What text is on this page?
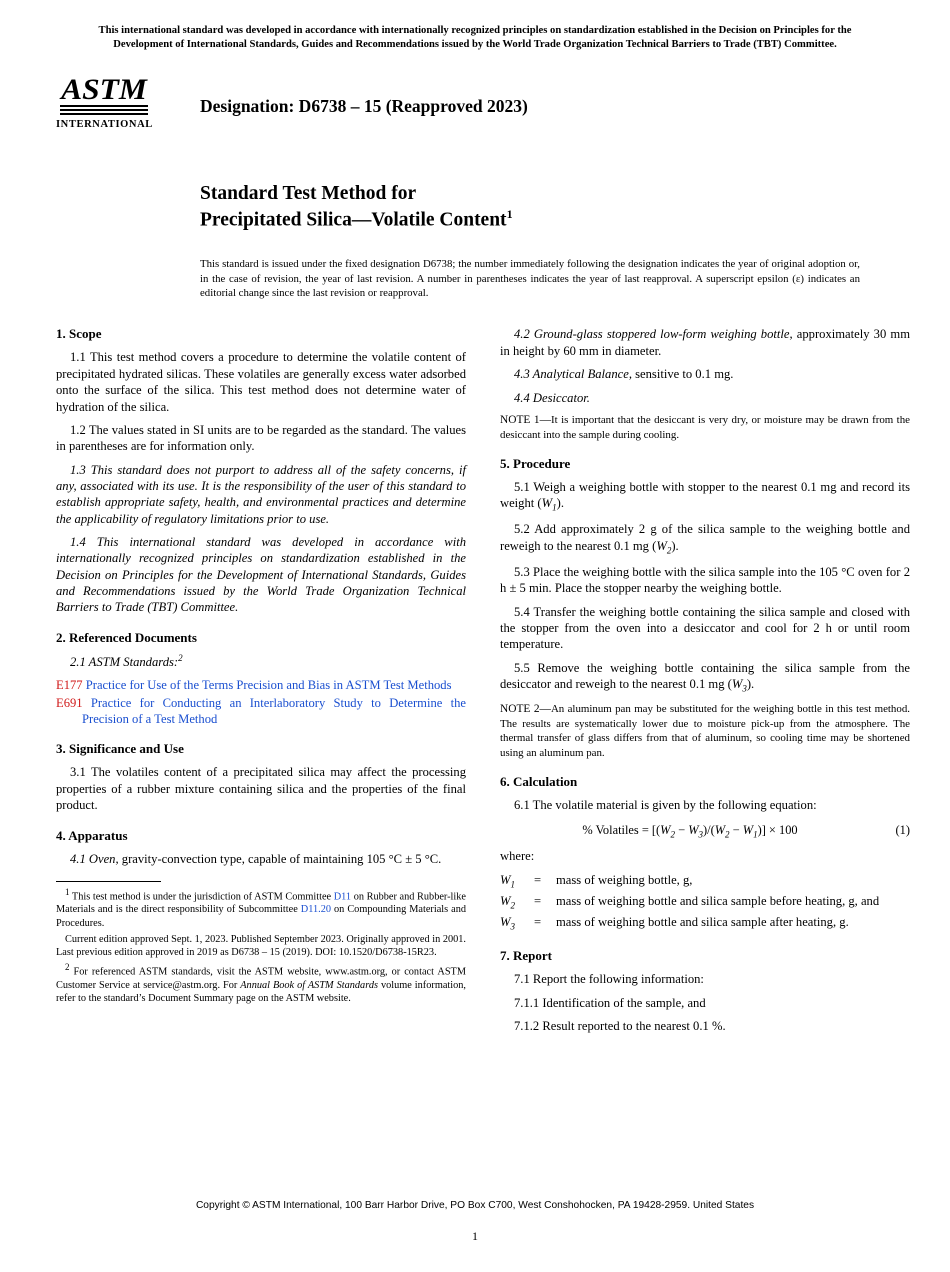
This international standard was developed in accordance with internationally recognized principles on standardization established in the Decision on Principles for the Development of International Standards, Guides and Recommendations issued by the World Trade Organization Technical Barriers to Trade (TBT) Committee.
ASTM
INTERNATIONAL
Designation: D6738 – 15 (Reapproved 2023)
Standard Test Method for
Precipitated Silica—Volatile Content$^1$
This standard is issued under the fixed designation D6738; the number immediately following the designation indicates the year of original adoption or, in the case of revision, the year of last revision. A number in parentheses indicates the year of last reapproval. A superscript epsilon (ε) indicates an editorial change since the last revision or reapproval.
1. Scope

1.1 This test method covers a procedure to determine the volatile content of precipitated hydrated silicas. These volatiles are generally excess water adsorbed onto the surface of the silica. This test method does not determine water of hydration of the silica.

1.2 The values stated in SI units are to be regarded as the standard. The values in parentheses are for information only.

1.3 This standard does not purport to address all of the safety concerns, if any, associated with its use. It is the responsibility of the user of this standard to establish appropriate safety, health, and environmental practices and determine the applicability of regulatory limitations prior to use.

1.4 This international standard was developed in accordance with internationally recognized principles on standardization established in the Decision on Principles for the Development of International Standards, Guides and Recommendations issued by the World Trade Organization Technical Barriers to Trade (TBT) Committee.

2. Referenced Documents

2.1 ASTM Standards:$^2$

E177 Practice for Use of the Terms Precision and Bias in ASTM Test Methods

E691 Practice for Conducting an Interlaboratory Study to Determine the Precision of a Test Method

3. Significance and Use

3.1 The volatiles content of a precipitated silica may affect the processing properties of a rubber mixture containing silica and the properties of the final product.

4. Apparatus

4.1 Oven, gravity-convection type, capable of maintaining 105 °C ± 5 °C.

$^1$ This test method is under the jurisdiction of ASTM Committee D11 on Rubber and Rubber-like Materials and is the direct responsibility of Subcommittee D11.20 on Compounding Materials and Procedures.

Current edition approved Sept. 1, 2023. Published September 2023. Originally approved in 2001. Last previous edition approved in 2019 as D6738 – 15 (2019). DOI: 10.1520/D6738-15R23.

$^2$ For referenced ASTM standards, visit the ASTM website, www.astm.org, or contact ASTM Customer Service at service@astm.org. For Annual Book of ASTM Standards volume information, refer to the standard’s Document Summary page on the ASTM website.

4.2 Ground-glass stoppered low-form weighing bottle, approximately 30 mm in height by 60 mm in diameter.

4.3 Analytical Balance, sensitive to 0.1 mg.

4.4 Desiccator.

NOTE 1—It is important that the desiccant is very dry, or moisture may be drawn from the desiccant into the sample during cooling.

5. Procedure

5.1 Weigh a weighing bottle with stopper to the nearest 0.1 mg and record its weight $(W_1)$.

5.2 Add approximately 2 g of the silica sample to the weighing bottle and reweigh to the nearest 0.1 mg $(W_2)$.

5.3 Place the weighing bottle with the silica sample into the 105 °C oven for 2 h ± 5 min. Place the stopper nearby the weighing bottle.

5.4 Transfer the weighing bottle containing the silica sample and closed with the stopper from the oven into a desiccator and cool for 2 h or until room temperature.

5.5 Remove the weighing bottle containing the silica sample from the desiccator and reweigh to the nearest 0.1 mg $(W_3)$.

NOTE 2—An aluminum pan may be substituted for the weighing bottle in this test method. The results are systematically lower due to moisture pick-up from the atmosphere. The thermal transfer of glass differs from that of aluminum, so cooling time may be shortened using an aluminum pan.

6. Calculation

6.1 The volatile material is given by the following equation:

% Volatiles = $[(W_2 - W_3)/(W_2 - W_1)] \times 100$	(1)

where:

$W_1$	=	mass of weighing bottle, g,
$W_2$	=	mass of weighing bottle and silica sample before heating, g, and
$W_3$	=	mass of weighing bottle and silica sample after heating, g.
7. Report

7.1 Report the following information:

7.1.1 Identification of the sample, and

7.1.2 Result reported to the nearest 0.1 %.

Copyright © ASTM International, 100 Barr Harbor Drive, PO Box C700, West Conshohocken, PA 19428-2959. United States
1
